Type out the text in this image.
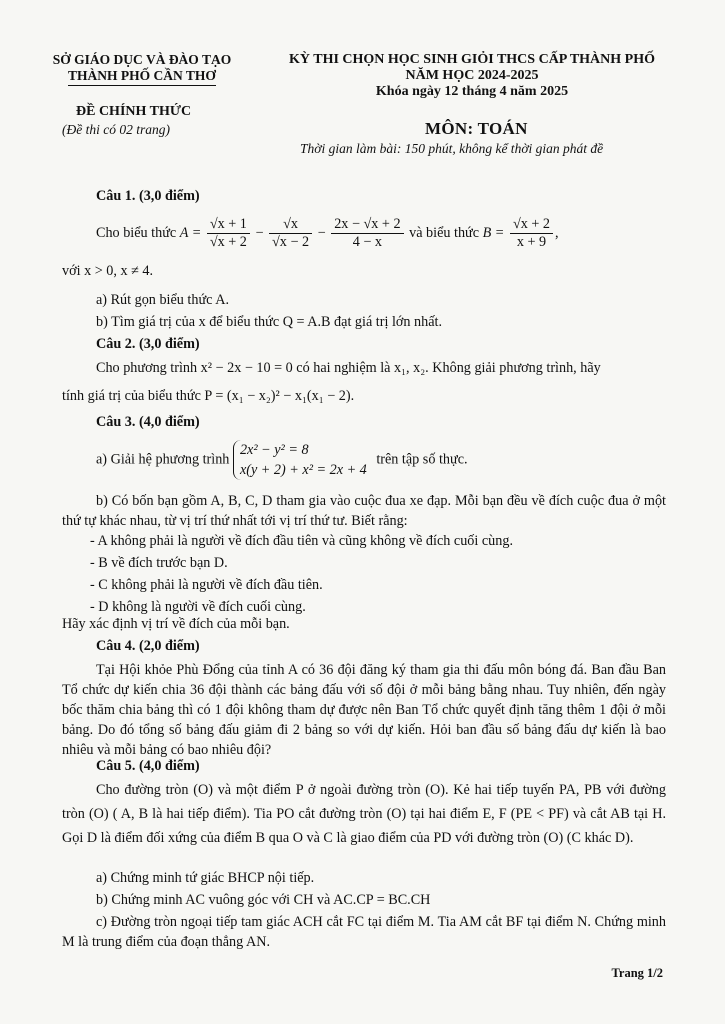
SỞ GIÁO DỤC VÀ ĐÀO TẠO
THÀNH PHỐ CẦN THƠ
KỲ THI CHỌN HỌC SINH GIỎI THCS CẤP THÀNH PHỐ
NĂM HỌC 2024-2025
Khóa ngày 12 tháng 4 năm 2025
ĐỀ CHÍNH THỨC
(Đề thi có 02 trang)	MÔN: TOÁN
Thời gian làm bài: 150 phút, không kể thời gian phát đề
Câu 1. (3,0 điểm)
Cho biểu thức $A = \frac{√x + 1}{√x + 2} - \frac{√x}{√x - 2} - \frac{2x - √x + 2}{4 - x}$ và biểu thức $B = \frac{√x + 2}{x + 9}$ ,
với x > 0, x ≠ 4.
a) Rút gọn biểu thức A.
b) Tìm giá trị của x để biểu thức Q = A.B đạt giá trị lớn nhất.
Câu 2. (3,0 điểm)
Cho phương trình x² − 2x − 10 = 0 có hai nghiệm là x₁, x₂. Không giải phương trình, hãy
tính giá trị của biểu thức P = (x₁ − x₂)² − x₁(x₁ − 2).
Câu 3. (4,0 điểm)
a) Giải hệ phương trình
2x² − y² = 8
x(y + 2) + x² = 2x + 4
trên tập số thực.
b) Có bốn bạn gồm A, B, C, D tham gia vào cuộc đua xe đạp. Mỗi bạn đều về đích cuộc đua ở một thứ tự khác nhau, từ vị trí thứ nhất tới vị trí thứ tư. Biết rằng:
- A không phải là người về đích đầu tiên và cũng không về đích cuối cùng.
- B về đích trước bạn D.
- C không phải là người về đích đầu tiên.
- D không là người về đích cuối cùng.
Hãy xác định vị trí về đích của mỗi bạn.
Câu 4. (2,0 điểm)
Tại Hội khỏe Phù Đổng của tỉnh A có 36 đội đăng ký tham gia thi đấu môn bóng đá. Ban đầu Ban Tổ chức dự kiến chia 36 đội thành các bảng đấu với số đội ở mỗi bảng bằng nhau. Tuy nhiên, đến ngày bốc thăm chia bảng thì có 1 đội không tham dự được nên Ban Tổ chức quyết định tăng thêm 1 đội ở mỗi bảng. Do đó tổng số bảng đấu giảm đi 2 bảng so với dự kiến. Hỏi ban đầu số bảng đấu dự kiến là bao nhiêu và mỗi bảng có bao nhiêu đội?
Câu 5. (4,0 điểm)
Cho đường tròn (O) và một điểm P ở ngoài đường tròn (O). Kẻ hai tiếp tuyến PA, PB với đường tròn (O) ( A, B là hai tiếp điểm). Tia PO cắt đường tròn (O) tại hai điểm E, F (PE < PF) và cắt AB tại H. Gọi D là điểm đối xứng của điểm B qua O và C là giao điểm của PD với đường tròn (O) (C khác D).
a) Chứng minh tứ giác BHCP nội tiếp.
b) Chứng minh AC vuông góc với CH và AC.CP = BC.CH
c) Đường tròn ngoại tiếp tam giác ACH cắt FC tại điểm M. Tia AM cắt BF tại điểm N. Chứng minh M là trung điểm của đoạn thẳng AN.
Trang 1/2
